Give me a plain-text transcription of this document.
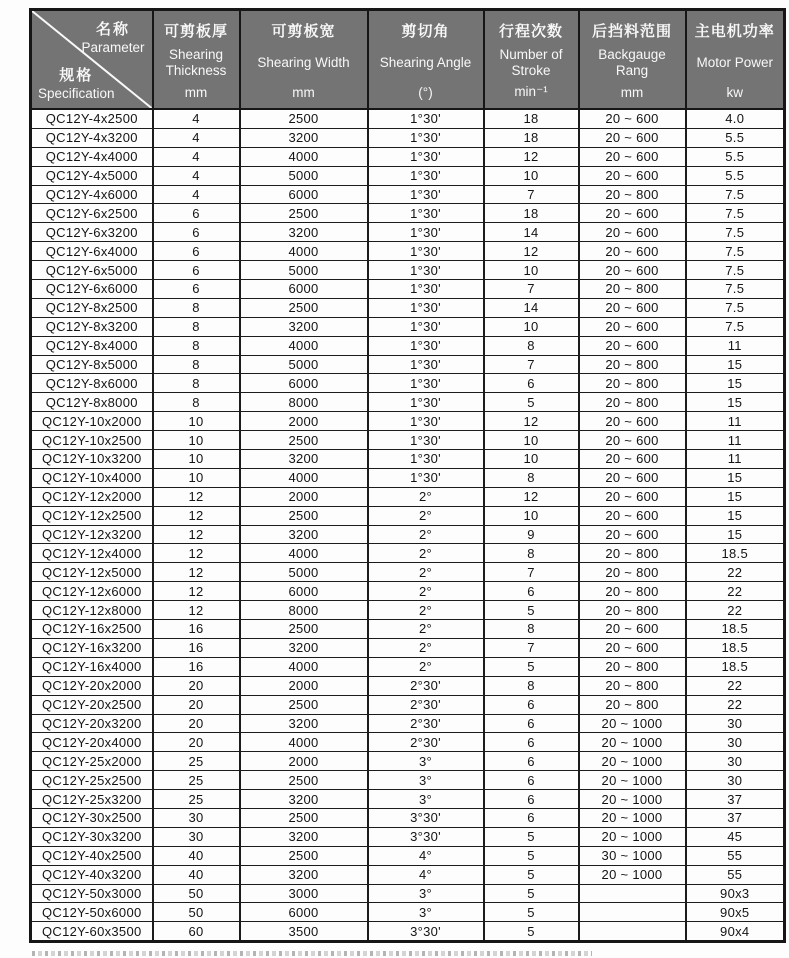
名称
Parameter
规格
Specification

可剪板厚
Shearing Thickness
mm

可剪板宽
Shearing Width
mm

剪切角
Shearing Angle
(°)

行程次数
Number of Stroke
min⁻¹

后挡料范围
Backgauge Rang
mm

主电机功率
Motor Power
kw

QC12Y-4x2500	4	2500	1°30'	18	20 ~ 600	4.0
QC12Y-4x3200	4	3200	1°30'	18	20 ~ 600	5.5
QC12Y-4x4000	4	4000	1°30'	12	20 ~ 600	5.5
QC12Y-4x5000	4	5000	1°30'	10	20 ~ 600	5.5
QC12Y-4x6000	4	6000	1°30'	7	20 ~ 800	7.5
QC12Y-6x2500	6	2500	1°30'	18	20 ~ 600	7.5
QC12Y-6x3200	6	3200	1°30'	14	20 ~ 600	7.5
QC12Y-6x4000	6	4000	1°30'	12	20 ~ 600	7.5
QC12Y-6x5000	6	5000	1°30'	10	20 ~ 600	7.5
QC12Y-6x6000	6	6000	1°30'	7	20 ~ 800	7.5
QC12Y-8x2500	8	2500	1°30'	14	20 ~ 600	7.5
QC12Y-8x3200	8	3200	1°30'	10	20 ~ 600	7.5
QC12Y-8x4000	8	4000	1°30'	8	20 ~ 600	11
QC12Y-8x5000	8	5000	1°30'	7	20 ~ 800	15
QC12Y-8x6000	8	6000	1°30'	6	20 ~ 800	15
QC12Y-8x8000	8	8000	1°30'	5	20 ~ 800	15
QC12Y-10x2000	10	2000	1°30'	12	20 ~ 600	11
QC12Y-10x2500	10	2500	1°30'	10	20 ~ 600	11
QC12Y-10x3200	10	3200	1°30'	10	20 ~ 600	11
QC12Y-10x4000	10	4000	1°30'	8	20 ~ 600	15
QC12Y-12x2000	12	2000	2°	12	20 ~ 600	15
QC12Y-12x2500	12	2500	2°	10	20 ~ 600	15
QC12Y-12x3200	12	3200	2°	9	20 ~ 600	15
QC12Y-12x4000	12	4000	2°	8	20 ~ 800	18.5
QC12Y-12x5000	12	5000	2°	7	20 ~ 800	22
QC12Y-12x6000	12	6000	2°	6	20 ~ 800	22
QC12Y-12x8000	12	8000	2°	5	20 ~ 800	22
QC12Y-16x2500	16	2500	2°	8	20 ~ 600	18.5
QC12Y-16x3200	16	3200	2°	7	20 ~ 600	18.5
QC12Y-16x4000	16	4000	2°	5	20 ~ 800	18.5
QC12Y-20x2000	20	2000	2°30'	8	20 ~ 800	22
QC12Y-20x2500	20	2500	2°30'	6	20 ~ 800	22
QC12Y-20x3200	20	3200	2°30'	6	20 ~ 1000	30
QC12Y-20x4000	20	4000	2°30'	6	20 ~ 1000	30
QC12Y-25x2000	25	2000	3°	6	20 ~ 1000	30
QC12Y-25x2500	25	2500	3°	6	20 ~ 1000	30
QC12Y-25x3200	25	3200	3°	6	20 ~ 1000	37
QC12Y-30x2500	30	2500	3°30'	6	20 ~ 1000	37
QC12Y-30x3200	30	3200	3°30'	5	20 ~ 1000	45
QC12Y-40x2500	40	2500	4°	5	30 ~ 1000	55
QC12Y-40x3200	40	3200	4°	5	20 ~ 1000	55
QC12Y-50x3000	50	3000	3°	5		90x3
QC12Y-50x6000	50	6000	3°	5		90x5
QC12Y-60x3500	60	3500	3°30'	5		90x4
